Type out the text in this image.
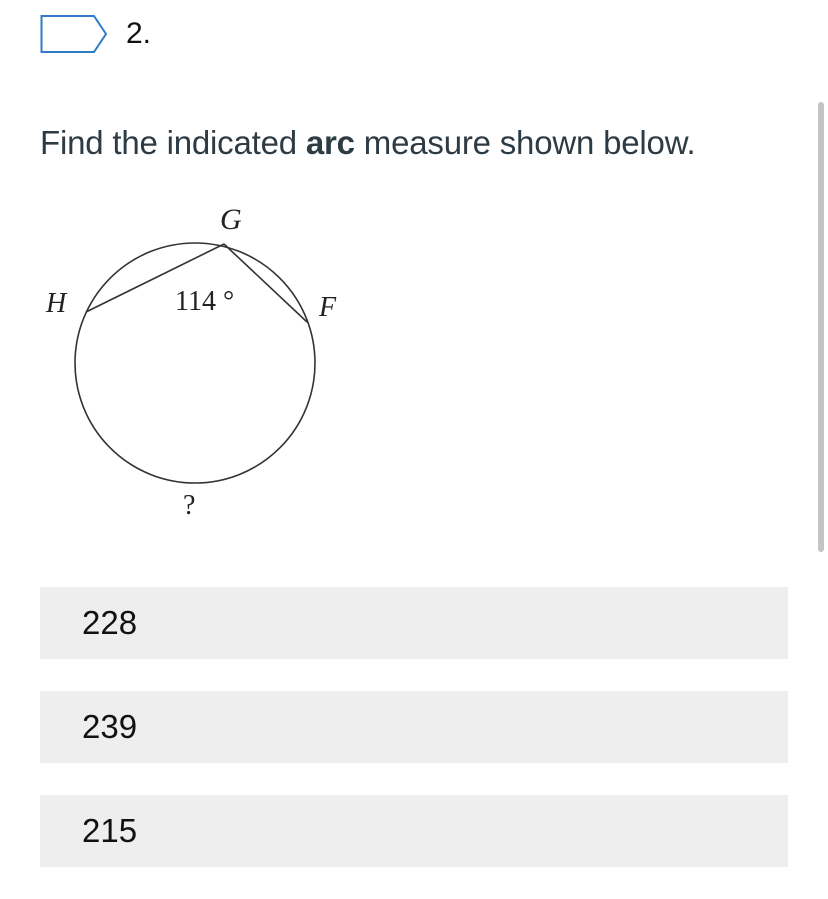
2.
Find the indicated arc measure shown below.
G
H	F
114 °
?
228
239
215
